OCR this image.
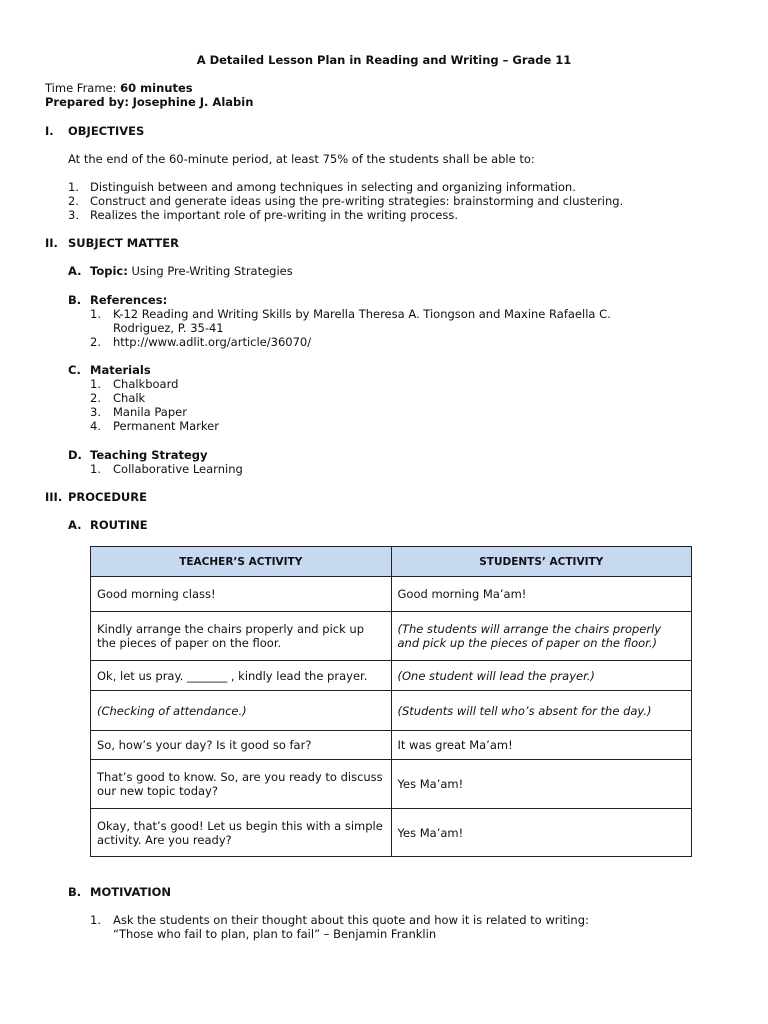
A Detailed Lesson Plan in Reading and Writing – Grade 11
Time Frame: 60 minutes
Prepared by: Josephine J. Alabin
I. OBJECTIVES
At the end of the 60-minute period, at least 75% of the students shall be able to:
1. Distinguish between and among techniques in selecting and organizing information.
2. Construct and generate ideas using the pre-writing strategies: brainstorming and clustering.
3. Realizes the important role of pre-writing in the writing process.
II. SUBJECT MATTER
A. Topic: Using Pre-Writing Strategies
B. References:
1. K-12 Reading and Writing Skills by Marella Theresa A. Tiongson and Maxine Rafaella C.
Rodriguez, P. 35-41
2. http://www.adlit.org/article/36070/
C. Materials
1. Chalkboard
2. Chalk
3. Manila Paper
4. Permanent Marker
D. Teaching Strategy
1. Collaborative Learning
III. PROCEDURE
A. ROUTINE
TEACHER’S ACTIVITY	STUDENTS’ ACTIVITY
Good morning class!	Good morning Ma’am!
Kindly arrange the chairs properly and pick up the pieces of paper on the floor.	(The students will arrange the chairs properly and pick up the pieces of paper on the floor.)
Ok, let us pray. _______ , kindly lead the prayer.	(One student will lead the prayer.)
(Checking of attendance.)	(Students will tell who’s absent for the day.)
So, how’s your day? Is it good so far?	It was great Ma’am!
That’s good to know. So, are you ready to discuss our new topic today?	Yes Ma’am!
Okay, that’s good! Let us begin this with a simple activity. Are you ready?	Yes Ma’am!
B. MOTIVATION
1. Ask the students on their thought about this quote and how it is related to writing:
“Those who fail to plan, plan to fail” – Benjamin Franklin
